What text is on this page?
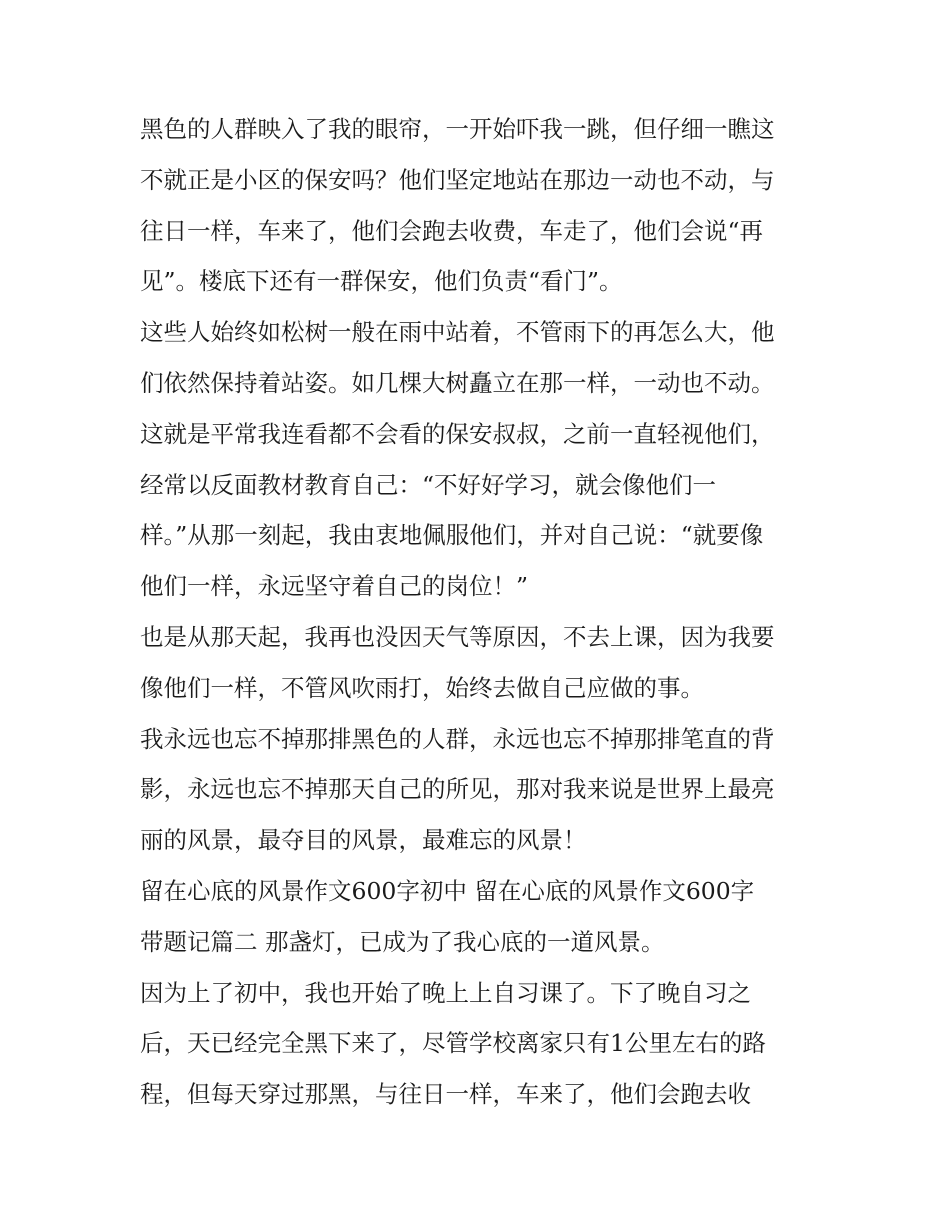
黑色的人群映入了我的眼帘，一开始吓我一跳，但仔细一瞧这
不就正是小区的保安吗？他们坚定地站在那边一动也不动，与
往日一样，车来了，他们会跑去收费，车走了，他们会说“再
见”。楼底下还有一群保安，他们负责“看门”。
这些人始终如松树一般在雨中站着，不管雨下的再怎么大，他
们依然保持着站姿。如几棵大树矗立在那一样，一动也不动。
这就是平常我连看都不会看的保安叔叔，之前一直轻视他们，
经常以反面教材教育自己：“不好好学习，就会像他们一
样。”从那一刻起，我由衷地佩服他们，并对自己说：“就要像
他们一样，永远坚守着自己的岗位！”
也是从那天起，我再也没因天气等原因，不去上课，因为我要
像他们一样，不管风吹雨打，始终去做自己应做的事。
我永远也忘不掉那排黑色的人群，永远也忘不掉那排笔直的背
影，永远也忘不掉那天自己的所见，那对我来说是世界上最亮
丽的风景，最夺目的风景，最难忘的风景！
留在心底的风景作文600字初中 留在心底的风景作文600字
带题记篇二 那盏灯，已成为了我心底的一道风景。
因为上了初中，我也开始了晚上上自习课了。下了晚自习之
后，天已经完全黑下来了，尽管学校离家只有1公里左右的路
程，但每天穿过那黑，与往日一样，车来了，他们会跑去收
